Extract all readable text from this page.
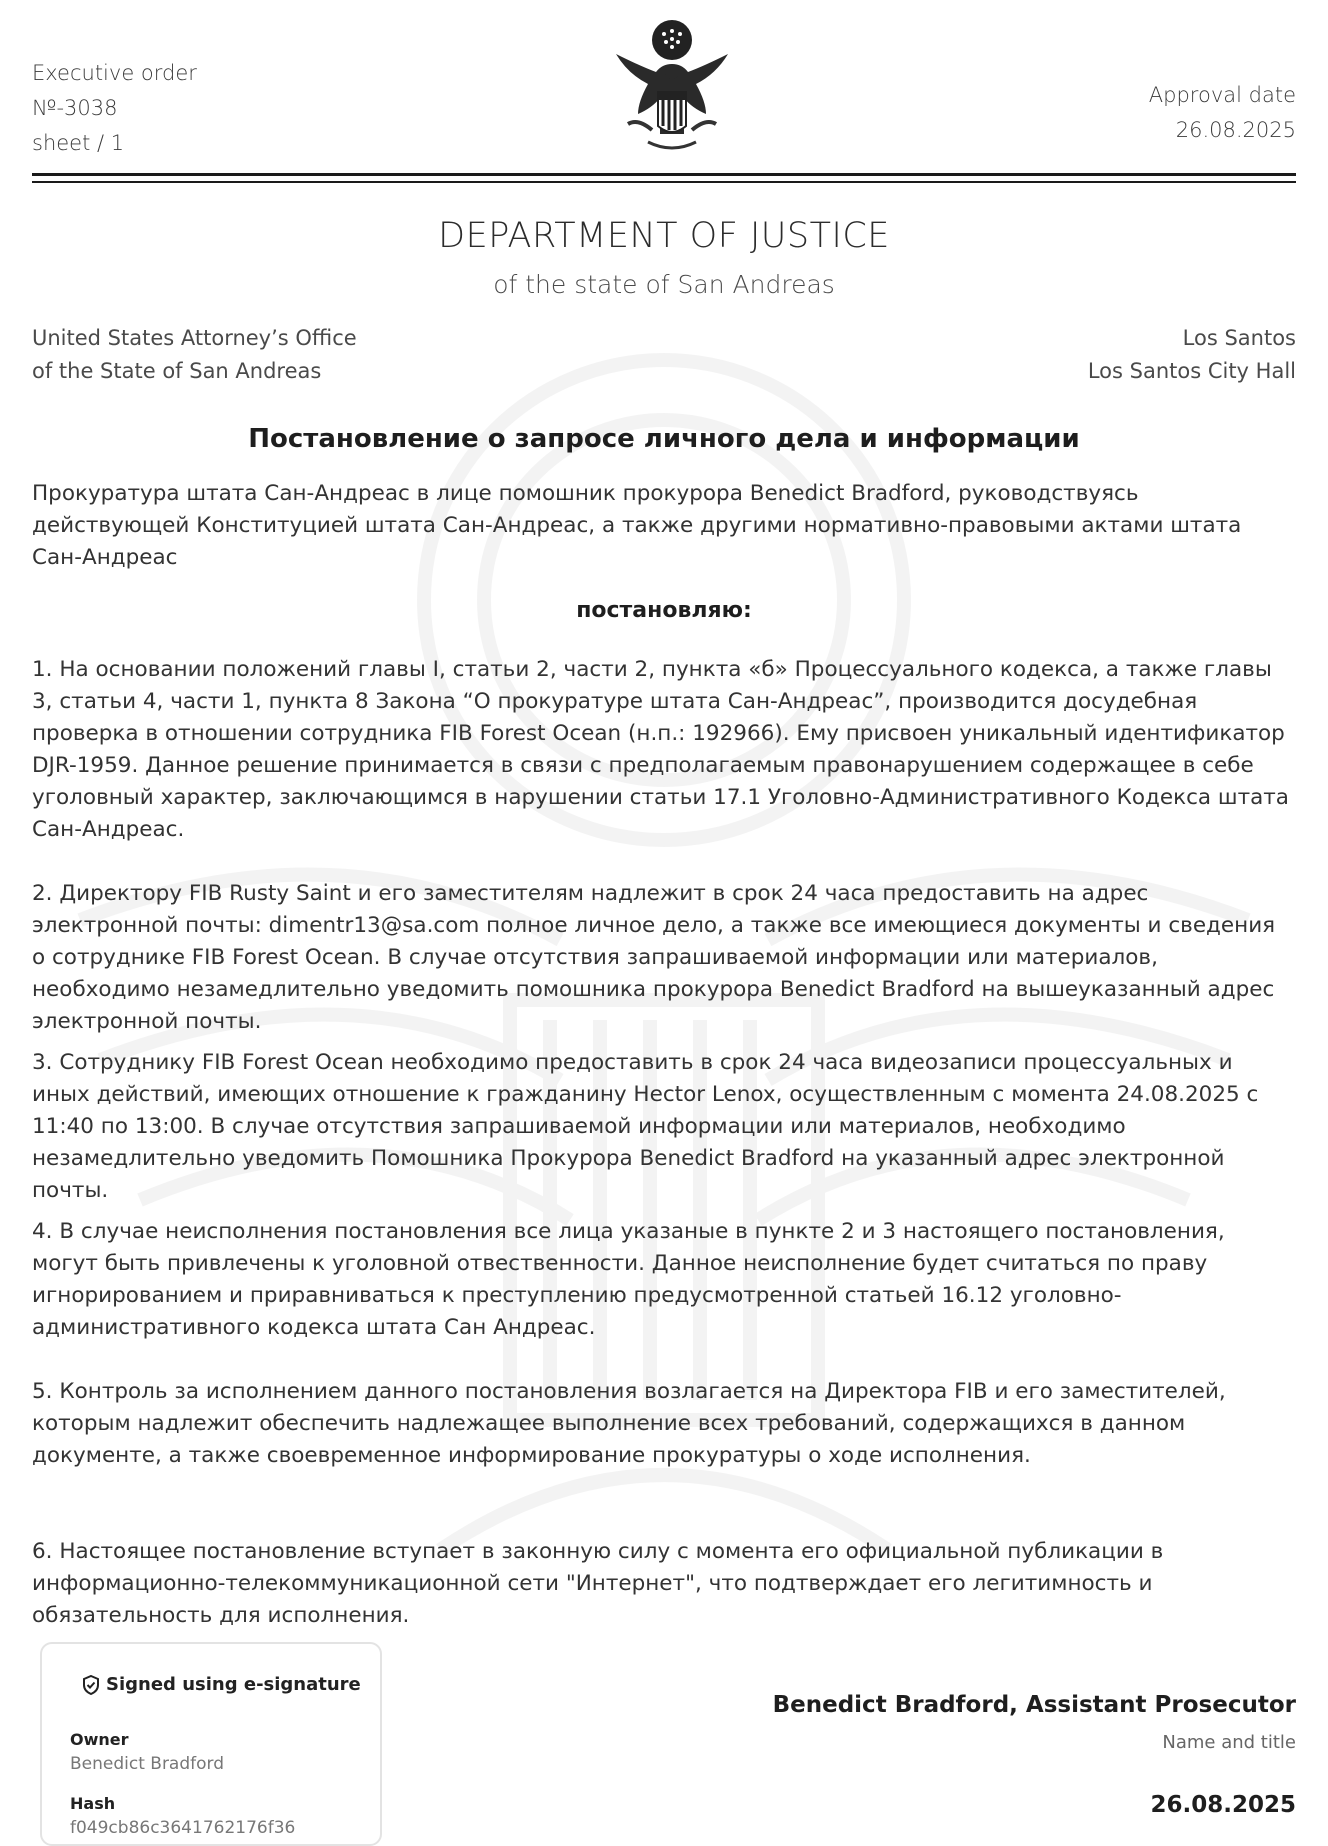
Executive order
№-3038
sheet / 1
Approval date
26.08.2025
DEPARTMENT OF JUSTICE
of the state of San Andreas
United States Attorney’s Office
of the State of San Andreas
Los Santos
Los Santos City Hall
Постановление о запросе личного дела и информации

Прокуратура штата Сан-Андреас в лице помошник прокурора Benedict Bradford, руководствуясь действующей Конституцией штата Сан-Андреас, а также другими нормативно-правовыми актами штата Сан-Андреас

постановляю:

1. На основании положений главы I, статьи 2, части 2, пункта «б» Процессуального кодекса, а также главы 3, статьи 4, части 1, пункта 8 Закона “О прокуратуре штата Сан-Андреас”, производится досудебная проверка в отношении сотрудника FIB Forest Ocean (н.п.: 192966). Ему присвоен уникальный идентификатор DJR-1959. Данное решение принимается в связи с предполагаемым правонарушением содержащее в себе уголовный характер, заключающимся в нарушении статьи 17.1 Уголовно-Административного Кодекса штата Сан-Андреас.

2. Директору FIB Rusty Saint и его заместителям надлежит в срок 24 часа предоставить на адрес электронной почты: dimentr13@sa.com полное личное дело, а также все имеющиеся документы и сведения о сотруднике FIB Forest Ocean. В случае отсутствия запрашиваемой информации или материалов, необходимо незамедлительно уведомить помошника прокурора Benedict Bradford на вышеуказанный адрес электронной почты.

3. Сотруднику FIB Forest Ocean необходимо предоставить в срок 24 часа видеозаписи процессуальных и иных действий, имеющих отношение к гражданину Hector Lenox, осуществленным с момента 24.08.2025 с 11:40 по 13:00. В случае отсутствия запрашиваемой информации или материалов, необходимо незамедлительно уведомить Помошника Прокурора Benedict Bradford на указанный адрес электронной почты.

4. В случае неисполнения постановления все лица указаные в пункте 2 и 3 настоящего постановления, могут быть привлечены к уголовной отвественности. Данное неисполнение будет считаться по праву игнорированием и приравниваться к преступлению предусмотренной статьей 16.12 уголовно-административного кодекса штата Сан Андреас.

5. Контроль за исполнением данного постановления возлагается на Директора FIB и его заместителей, которым надлежит обеспечить надлежащее выполнение всех требований, содержащихся в данном документе, а также своевременное информирование прокуратуры о ходе исполнения.

6. Настоящее постановление вступает в законную силу с момента его официальной публикации в информационно-телекоммуникационной сети "Интернет", что подтверждает его легитимность и обязательность для исполнения.

Signed using e-signature
Owner
Benedict Bradford
Hash
f049cb86c3641762176f36
Benedict Bradford, Assistant Prosecutor
Name and title
26.08.2025
